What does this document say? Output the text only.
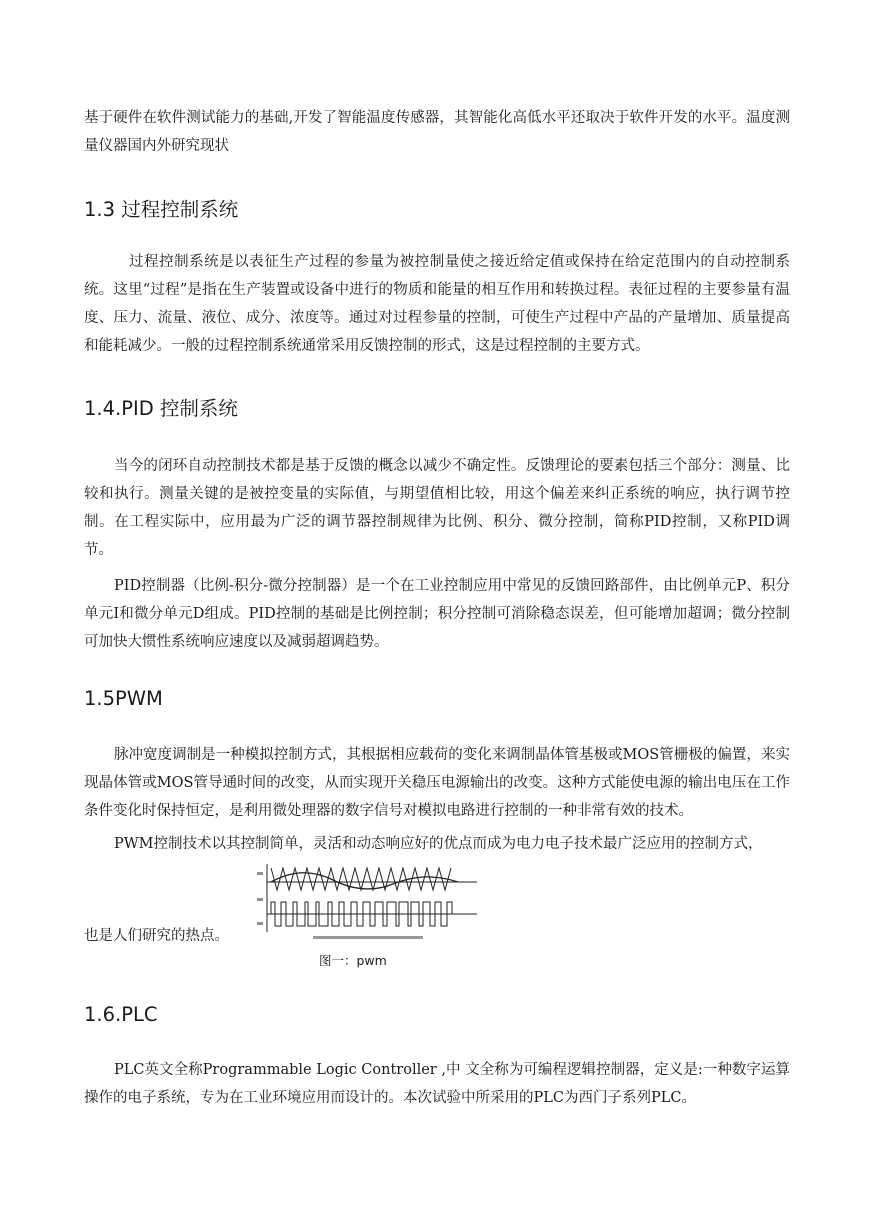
基于硬件在软件测试能力的基础,开发了智能温度传感器，其智能化高低水平还取决于软件开发的水平。温度测量仪器国内外研究现状

1.3 过程控制系统

过程控制系统是以表征生产过程的参量为被控制量使之接近给定值或保持在给定范围内的自动控制系统。这里“过程”是指在生产装置或设备中进行的物质和能量的相互作用和转换过程。表征过程的主要参量有温度、压力、流量、液位、成分、浓度等。通过对过程参量的控制，可使生产过程中产品的产量增加、质量提高和能耗减少。一般的过程控制系统通常采用反馈控制的形式，这是过程控制的主要方式。

1.4.PID 控制系统

当今的闭环自动控制技术都是基于反馈的概念以减少不确定性。反馈理论的要素包括三个部分：测量、比较和执行。测量关键的是被控变量的实际值，与期望值相比较，用这个偏差来纠正系统的响应，执行调节控制。在工程实际中，应用最为广泛的调节器控制规律为比例、积分、微分控制，简称PID控制，又称PID调节。

PID控制器（比例-积分-微分控制器）是一个在工业控制应用中常见的反馈回路部件，由比例单元P、积分单元I和微分单元D组成。PID控制的基础是比例控制；积分控制可消除稳态误差，但可能增加超调；微分控制可加快大惯性系统响应速度以及减弱超调趋势。

1.5PWM

脉冲宽度调制是一种模拟控制方式，其根据相应载荷的变化来调制晶体管基极或MOS管栅极的偏置，来实现晶体管或MOS管导通时间的改变，从而实现开关稳压电源输出的改变。这种方式能使电源的输出电压在工作条件变化时保持恒定，是利用微处理器的数字信号对模拟电路进行控制的一种非常有效的技术。

PWM控制技术以其控制简单，灵活和动态响应好的优点而成为电力电子技术最广泛应用的控制方式，

也是人们研究的热点。
图一：pwm
1.6.PLC

PLC英文全称Programmable Logic Controller ,中 文全称为可编程逻辑控制器，定义是:一种数字运算操作的电子系统，专为在工业环境应用而设计的。本次试验中所采用的PLC为西门子系列PLC。
